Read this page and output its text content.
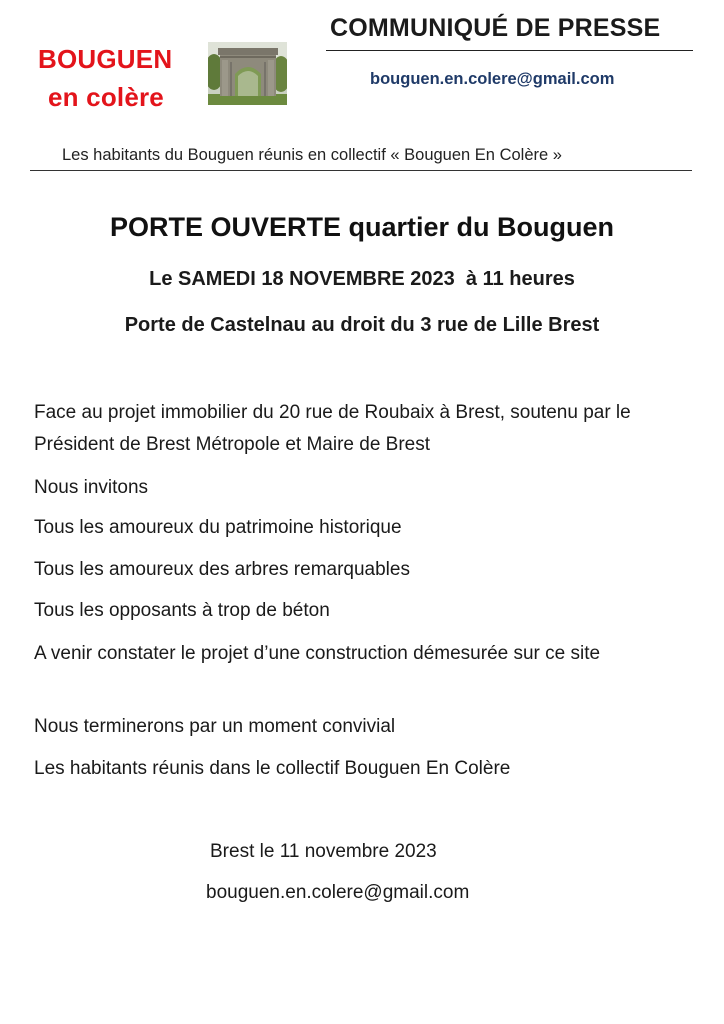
BOUGUEN
en colère
COMMUNIQUÉ DE PRESSE
bouguen.en.colere@gmail.com
Les habitants du Bouguen réunis en collectif « Bouguen En Colère »
PORTE OUVERTE quartier du Bouguen
Le SAMEDI 18 NOVEMBRE 2023  à 11 heures
Porte de Castelnau au droit du 3 rue de Lille Brest
Face au projet immobilier du 20 rue de Roubaix à Brest, soutenu par le Président de Brest Métropole et Maire de Brest
Nous invitons
Tous les amoureux du patrimoine historique
Tous les amoureux des arbres remarquables
Tous les opposants à trop de béton
A venir constater le projet d’une construction démesurée sur ce site
Nous terminerons par un moment convivial
Les habitants réunis dans le collectif Bouguen En Colère
Brest le 11 novembre 2023
bouguen.en.colere@gmail.com
